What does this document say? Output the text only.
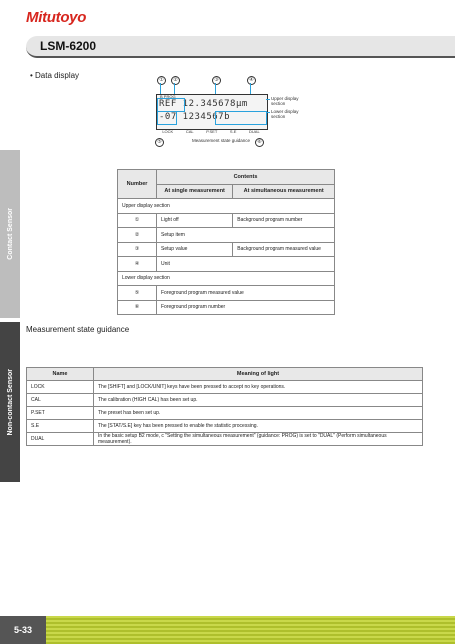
Mitutoyo
LSM-6200
Contact Sensor
Non-contact Sensor
• Data display	①	②	③	④
B PROG
REF 12.345678μm
-07 1234567b
LOCK	CAL	P.SET	S.E	DUAL
Upper display section
Lower display section
Measurement state guidance
⑤	⑥
Number	Contents	
	At single measurement	At simultaneous measurement
Upper display section		
①	Light off	Background program number
②	Setup item	
③	Setup value	Background program measured value
④	Unit	
Lower display section		
⑤	Foreground program measured value	
⑥	Foreground program number	
Measurement state guidance
Name	Meaning of light
LOCK	The [SHIFT] and [LOCK/UNIT] keys have been pressed to accept no key operations.
CAL	The calibration (HIGH CAL) has been set up.
P.SET	The preset has been set up.
S.E	The [STAT/S.E] key has been pressed to enable the statistic processing.
DUAL	In the basic setup B2 mode, c "Setting the simultaneous measurement" (guidance: PROG) is set to "DUAL" (Perform simultaneous measurement).
5-33
